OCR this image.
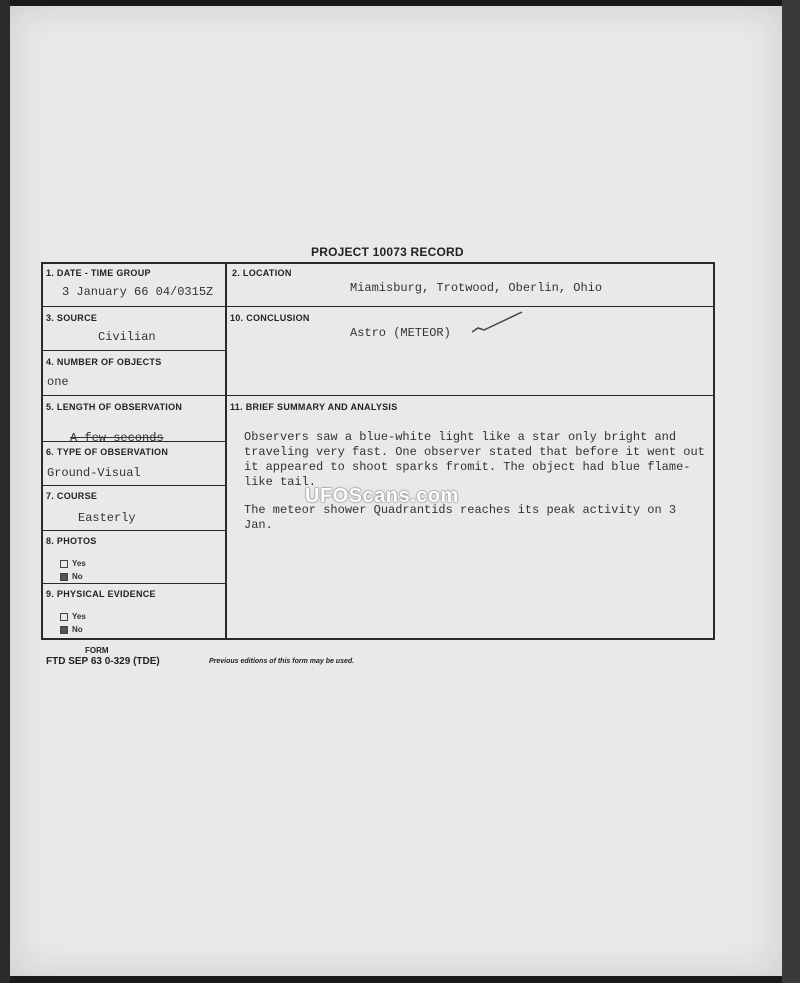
PROJECT 10073 RECORD
1. DATE - TIME GROUP
3 January 66 04/0315Z
2. LOCATION
Miamisburg, Trotwood, Oberlin, Ohio
3. SOURCE
Civilian
10. CONCLUSION
Astro (METEOR)
4. NUMBER OF OBJECTS
one
5. LENGTH OF OBSERVATION
A few seconds
11. BRIEF SUMMARY AND ANALYSIS
6. TYPE OF OBSERVATION
Ground-Visual
7. COURSE
Easterly
8. PHOTOS
Yes
No
9. PHYSICAL EVIDENCE
Yes
No

Observers saw a blue-white light like a star only bright and traveling very fast. One observer stated that before it went out it appeared to shoot sparks fromit. The object had blue flame-like tail.

The meteor shower Quadrantids reaches its peak activity on 3 Jan.

UFOScans.com
FORM
FTD SEP 63 0-329 (TDE)	Previous editions of this form may be used.
